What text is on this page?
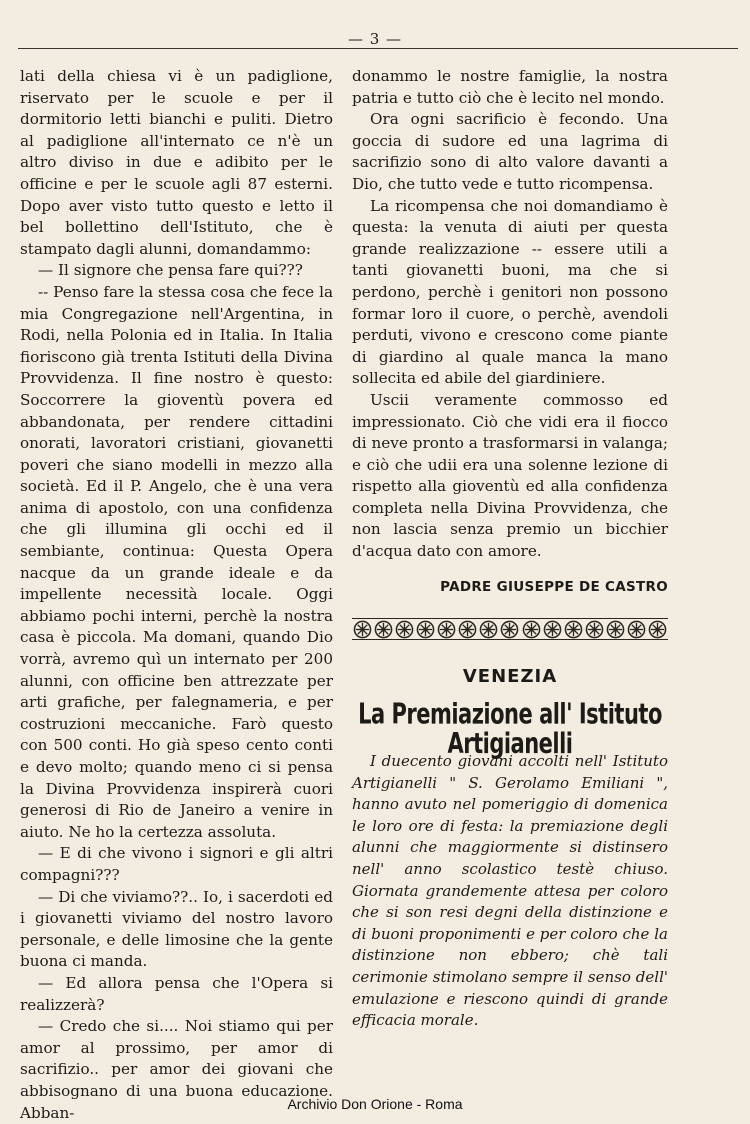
— 3 —

lati della chiesa vi è un padiglione, riservato per le scuole e per il dormitorio letti bianchi e puliti. Dietro al padiglione all'internato ce n'è un altro diviso in due e adibito per le officine e per le scuole agli 87 esterni. Dopo aver visto tutto questo e letto il bel bollettino dell'Istituto, che è stampato dagli alunni, domandammo:

— Il signore che pensa fare qui???

-- Penso fare la stessa cosa che fece la mia Congregazione nell'Argentina, in Rodi, nella Polonia ed in Italia. In Italia fioriscono già trenta Istituti della Divina Provvidenza. Il fine nostro è questo: Soccorrere la gioventù povera ed abbandonata, per rendere cittadini onorati, lavoratori cristiani, giovanetti poveri che siano modelli in mezzo alla società. Ed il P. Angelo, che è una vera anima di apostolo, con una confidenza che gli illumina gli occhi ed il sembiante, continua: Questa Opera nacque da un grande ideale e da impellente necessità locale. Oggi abbiamo pochi interni, perchè la nostra casa è piccola. Ma domani, quando Dio vorrà, avremo quì un internato per 200 alunni, con officine ben attrezzate per arti grafiche, per falegnameria, e per costruzioni meccaniche. Farò questo con 500 conti. Ho già speso cento conti e devo molto; quando meno ci si pensa la Divina Provvidenza inspirerà cuori generosi di Rio de Janeiro a venire in aiuto. Ne ho la certezza assoluta.

— E di che vivono i signori e gli altri compagni???

— Di che viviamo??.. Io, i sacerdoti ed i giovanetti viviamo del nostro lavoro personale, e delle limosine che la gente buona ci manda.

— Ed allora pensa che l'Opera si realizzerà?

— Credo che si.... Noi stiamo qui per amor al prossimo, per amor di sacrifizio.. per amor dei giovani che abbisognano di una buona educazione. Abban-

donammo le nostre famiglie, la nostra patria e tutto ciò che è lecito nel mondo.

Ora ogni sacrificio è fecondo. Una goccia di sudore ed una lagrima di sacrifizio sono di alto valore davanti a Dio, che tutto vede e tutto ricompensa.

La ricompensa che noi domandiamo è questa: la venuta di aiuti per questa grande realizzazione -- essere utili a tanti giovanetti buoni, ma che si perdono, perchè i genitori non possono formar loro il cuore, o perchè, avendoli perduti, vivono e crescono come piante di giardino al quale manca la mano sollecita ed abile del giardiniere.

Uscii veramente commosso ed impressionato. Ciò che vidi era il fiocco di neve pronto a trasformarsi in valanga; e ciò che udii era una solenne lezione di rispetto alla gioventù ed alla confidenza completa nella Divina Provvidenza, che non lascia senza premio un bicchier d'acqua dato con amore.

PADRE GIUSEPPE DE CASTRO
VENEZIA
La Premiazione all' Istituto Artigianelli

I duecento giovani accolti nell' Istituto Artigianelli " S. Gerolamo Emiliani ", hanno avuto nel pomeriggio di domenica le loro ore di festa: la premiazione degli alunni che maggiormente si distinsero nell' anno scolastico testè chiuso. Giornata grandemente attesa per coloro che si son resi degni della distinzione e di buoni proponimenti e per coloro che la distinzione non ebbero; chè tali cerimonie stimolano sempre il senso dell' emulazione e riescono quindi di grande efficacia morale.

Archivio Don Orione - Roma
